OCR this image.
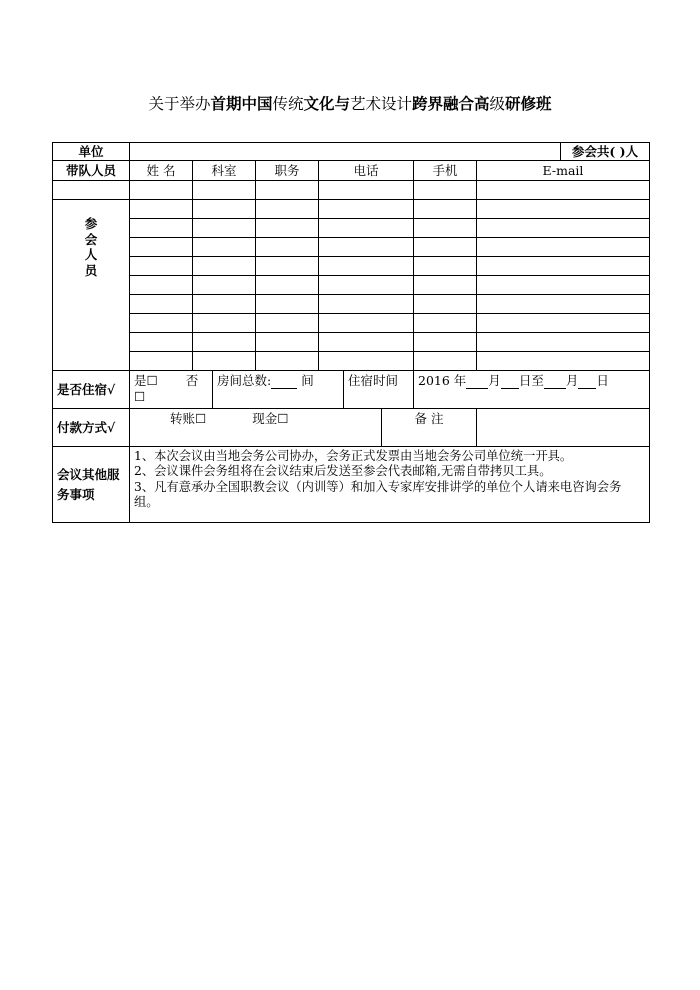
关于举办首期中国传统文化与艺术设计跨界融合高级研修班
单位										参会共( )人
带队人员	姓 名	科室		职务	电话			手机	E-mail	

参
会
人
员										

是否住宿√	是☐ 否☐		房间总数: 间			住宿时间		2016 年 月 日至 月 日		
付款方式√	转账☐ 现金☐						备 注			
会议其他服务事项	1、本次会议由当地会务公司协办，会务正式发票由当地会务公司单位统一开具。
2、会议课件会务组将在会议结束后发送至参会代表邮箱,无需自带拷贝工具。
3、凡有意承办全国职教会议（内训等）和加入专家库安排讲学的单位个人请来电咨询会务组。									
